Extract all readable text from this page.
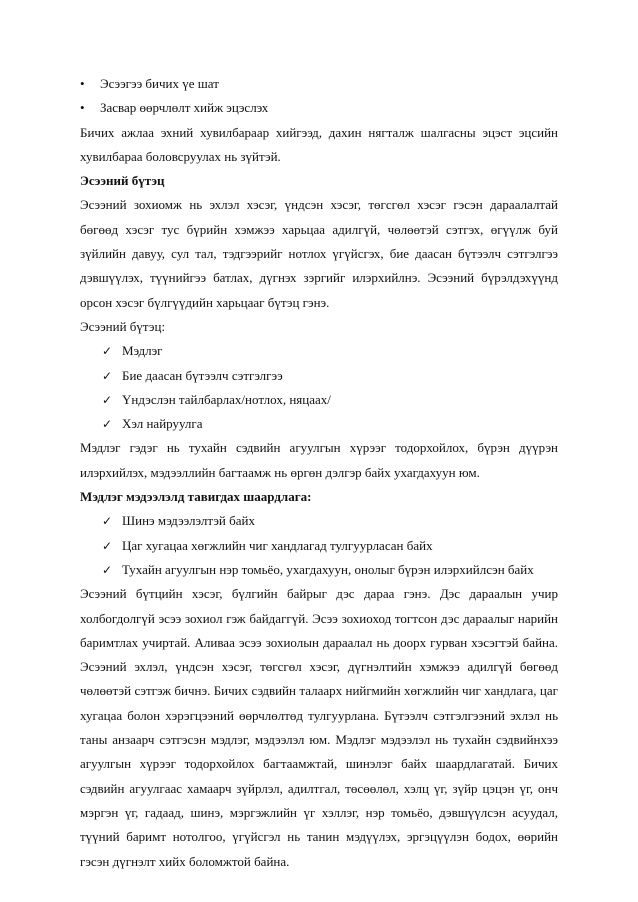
•	Эсээгээ бичих үе шат
•	Засвар өөрчлөлт хийж эцэслэх

Бичих ажлаа эхний хувилбараар хийгээд, дахин нягталж шалгасны эцэст эцсийн хувилбараа боловсруулах нь зүйтэй.

Эсээний бүтэц

Эсээний зохиомж нь эхлэл хэсэг, үндсэн хэсэг, төгсгөл хэсэг гэсэн дараалалтай бөгөөд хэсэг тус бүрийн хэмжээ харьцаа адилгүй, чөлөөтэй сэтгэх, өгүүлж буй зүйлийн давуу, сул тал, тэдгээрийг нотлох үгүйсгэх, бие даасан бүтээлч сэтгэлгээ дэвшүүлэх, түүнийгээ батлах, дүгнэх зэргийг илэрхийлнэ. Эсээний бүрэлдэхүүнд орсон хэсэг бүлгүүдийн харьцааг бүтэц гэнэ.

Эсээний бүтэц:

✓ Мэдлэг
✓ Бие даасан бүтээлч сэтгэлгээ
✓ Үндэслэн тайлбарлах/нотлох, няцаах/
✓ Хэл найруулга

Мэдлэг гэдэг нь тухайн сэдвийн агуулгын хүрээг тодорхойлох, бүрэн дүүрэн илэрхийлэх, мэдээллийн багтаамж нь өргөн дэлгэр байх ухагдахуун юм.

Мэдлэг мэдээлэлд тавигдах шаардлага:

✓ Шинэ мэдээлэлтэй байх
✓ Цаг хугацаа хөгжлийн чиг хандлагад тулгуурласан байх
✓ Тухайн агуулгын нэр томьёо, ухагдахуун, онолыг бүрэн илэрхийлсэн байх

Эсээний бүтцийн хэсэг, бүлгийн байрыг дэс дараа гэнэ. Дэс дараалын учир холбогдолгүй эсээ зохиол гэж байдаггүй. Эсээ зохиоход тогтсон дэс дараалыг нарийн баримтлах учиртай. Аливаа эсээ зохиолын дараалал нь доорх гурван хэсэгтэй байна. Эсээний эхлэл, үндсэн хэсэг, төгсгөл хэсэг, дүгнэлтийн хэмжээ адилгүй бөгөөд чөлөөтэй сэтгэж бичнэ. Бичих сэдвийн талаарх нийгмийн хөгжлийн чиг хандлага, цаг хугацаа болон хэрэгцээний өөрчлөлтөд тулгуурлана. Бүтээлч сэтгэлгээний эхлэл нь таны анзаарч сэтгэсэн мэдлэг, мэдээлэл юм. Мэдлэг мэдээлэл нь тухайн сэдвийнхээ агуулгын хүрээг тодорхойлох багтаамжтай, шинэлэг байх шаардлагатай. Бичих сэдвийн агуулгаас хамаарч зүйрлэл, адилтгал, төсөөлөл, хэлц үг, зүйр цэцэн үг, онч мэргэн үг, гадаад, шинэ, мэргэжлийн үг хэллэг, нэр томьёо, дэвшүүлсэн асуудал, түүний баримт нотолгоо, үгүйсгэл нь танин мэдүүлэх, эргэцүүлэн бодох, өөрийн гэсэн дүгнэлт хийх боломжтой байна.
